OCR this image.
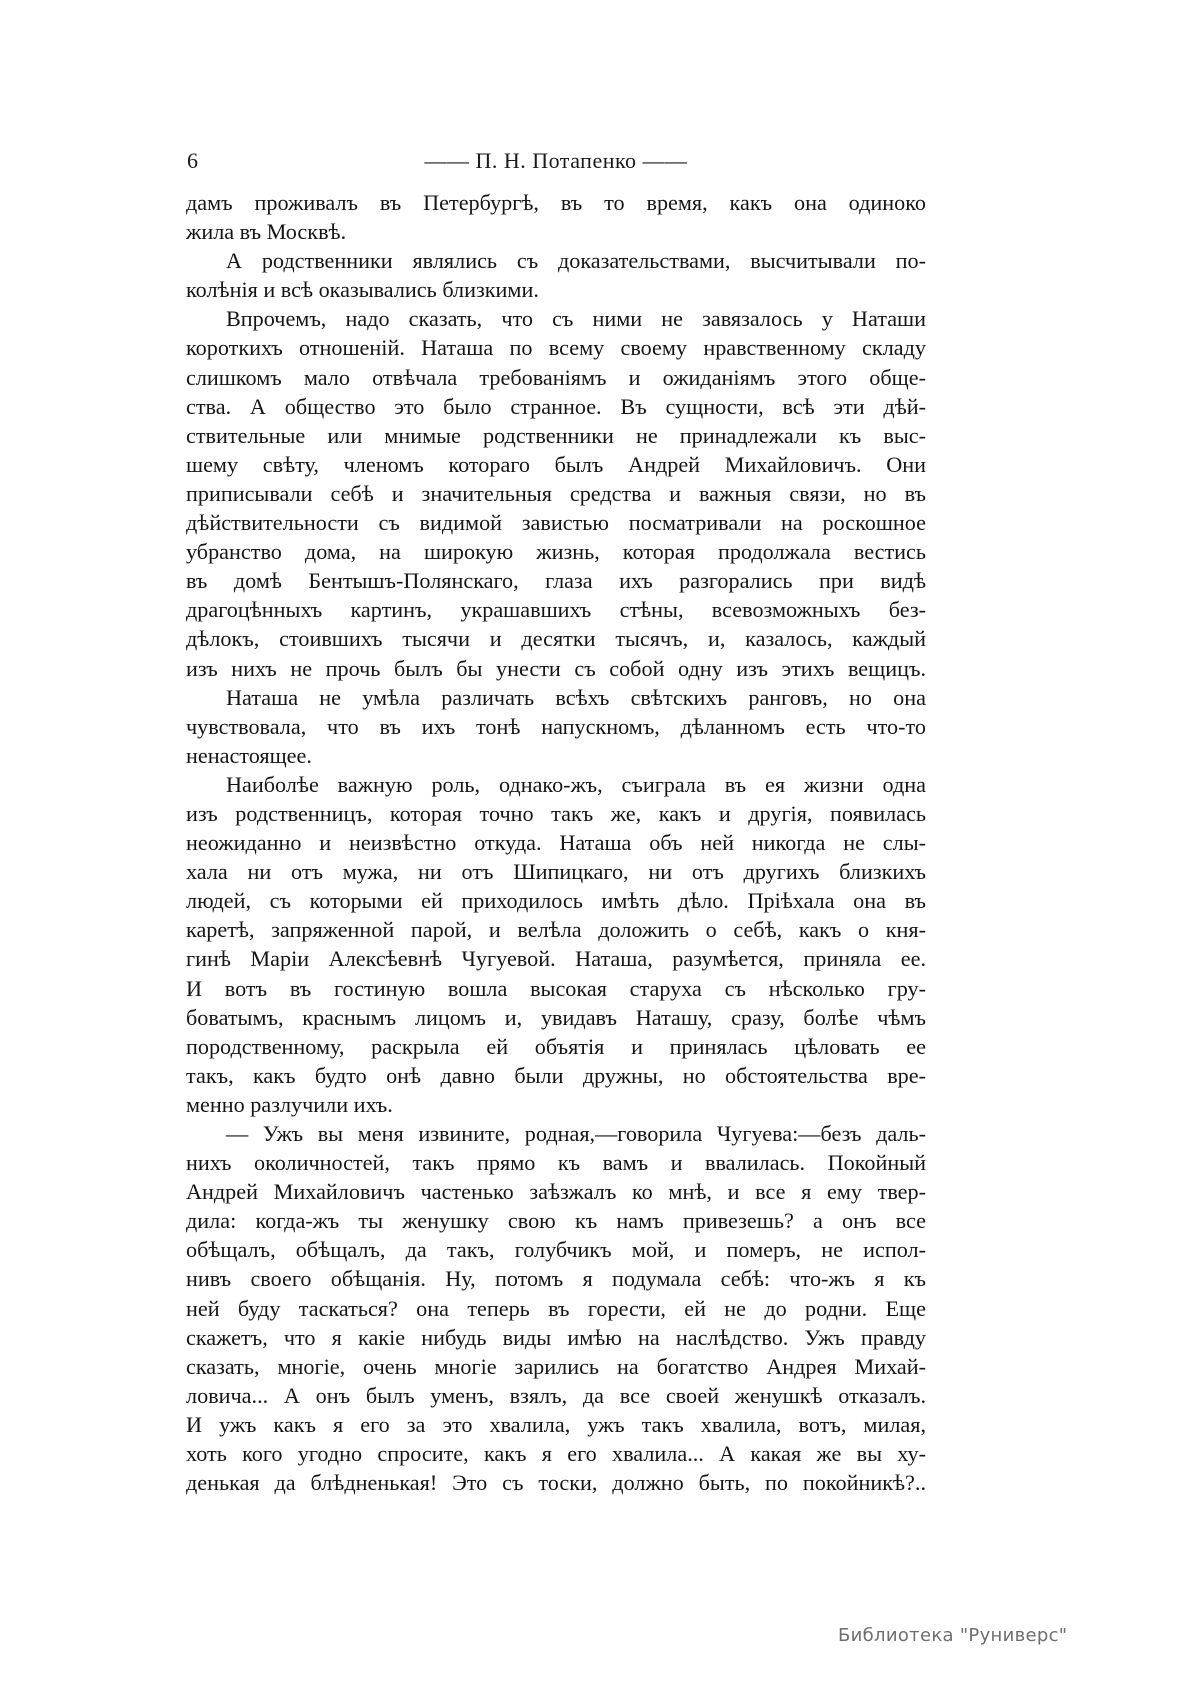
6	—— П. Н. Потапенко ——
дамъ проживалъ въ Петербургѣ, въ то время, какъ она одиноко
жила въ Москвѣ.
А родственники являлись съ доказательствами, высчитывали по-
колѣнія и всѣ оказывались близкими.
Впрочемъ, надо сказать, что съ ними не завязалось у Наташи
короткихъ отношеній. Наташа по всему своему нравственному складу
слишкомъ мало отвѣчала требованіямъ и ожиданіямъ этого обще-
ства. А общество это было странное. Въ сущности, всѣ эти дѣй-
ствительные или мнимые родственники не принадлежали къ выс-
шему свѣту, членомъ котораго былъ Андрей Михайловичъ. Они
приписывали себѣ и значительныя средства и важныя связи, но въ
дѣйствительности съ видимой завистью посматривали на роскошное
убранство дома, на широкую жизнь, которая продолжала вестись
въ домѣ Бентышъ-Полянскаго, глаза ихъ разгорались при видѣ
драгоцѣнныхъ картинъ, украшавшихъ стѣны, всевозможныхъ без-
дѣлокъ, стоившихъ тысячи и десятки тысячъ, и, казалось, каждый
изъ нихъ не прочь былъ бы унести съ собой одну изъ этихъ вещицъ.
Наташа не умѣла различать всѣхъ свѣтскихъ ранговъ, но она
чувствовала, что въ ихъ тонѣ напускномъ, дѣланномъ есть что-то
ненастоящее.
Наиболѣе важную роль, однако-жъ, съиграла въ ея жизни одна
изъ родственницъ, которая точно такъ же, какъ и другія, появилась
неожиданно и неизвѣстно откуда. Наташа объ ней никогда не слы-
хала ни отъ мужа, ни отъ Шипицкаго, ни отъ другихъ близкихъ
людей, съ которыми ей приходилось имѣть дѣло. Пріѣхала она въ
каретѣ, запряженной парой, и велѣла доложить о себѣ, какъ о кня-
гинѣ Маріи Алексѣевнѣ Чугуевой. Наташа, разумѣется, приняла ее.
И вотъ въ гостиную вошла высокая старуха съ нѣсколько гру-
боватымъ, краснымъ лицомъ и, увидавъ Наташу, сразу, болѣе чѣмъ
породственному, раскрыла ей объятія и принялась цѣловать ее
такъ, какъ будто онѣ давно были дружны, но обстоятельства вре-
менно разлучили ихъ.
— Ужъ вы меня извините, родная,—говорила Чугуева:—безъ даль-
нихъ околичностей, такъ прямо къ вамъ и ввалилась. Покойный
Андрей Михайловичъ частенько заѣзжалъ ко мнѣ, и все я ему твер-
дила: когда-жъ ты женушку свою къ намъ привезешь? а онъ все
обѣщалъ, обѣщалъ, да такъ, голубчикъ мой, и померъ, не испол-
нивъ своего обѣщанія. Ну, потомъ я подумала себѣ: что-жъ я къ
ней буду таскаться? она теперь въ горести, ей не до родни. Еще
скажетъ, что я какіе нибудь виды имѣю на наслѣдство. Ужъ правду
сказать, многіе, очень многіе зарились на богатство Андрея Михай-
ловича... А онъ былъ уменъ, взялъ, да все своей женушкѣ отказалъ.
И ужъ какъ я его за это хвалила, ужъ такъ хвалила, вотъ, милая,
хоть кого угодно спросите, какъ я его хвалила... А какая же вы ху-
денькая да блѣдненькая! Это съ тоски, должно быть, по покойникѣ?..
Библиотека "Руниверс"
